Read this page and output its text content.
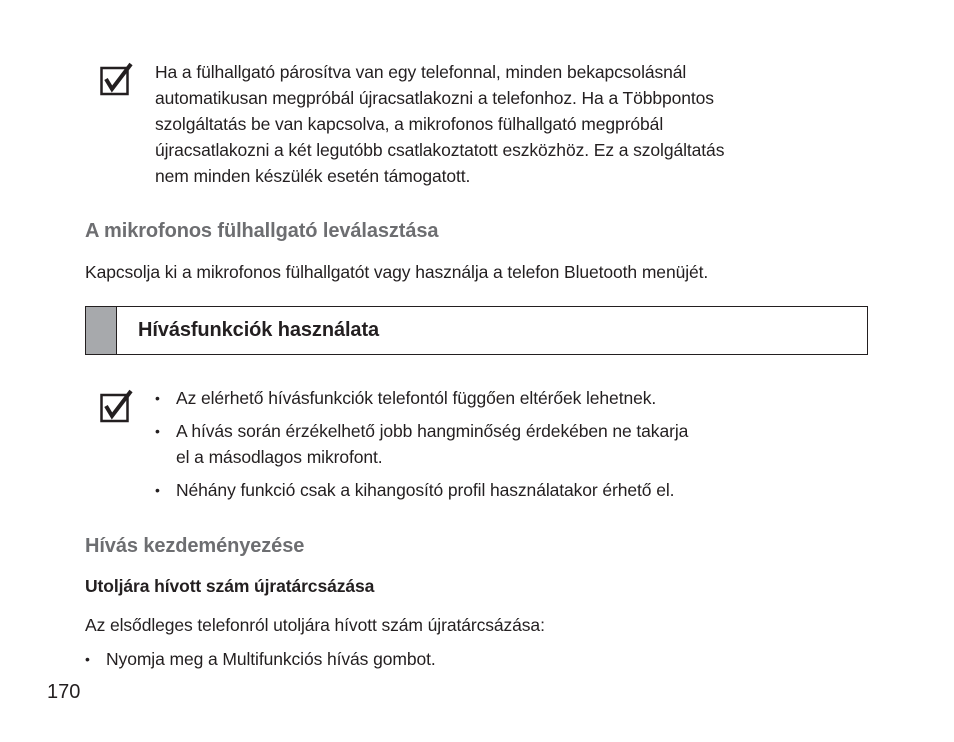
Ha a fülhallgató párosítva van egy telefonnal, minden bekapcsolásnál
automatikusan megpróbál újracsatlakozni a telefonhoz. Ha a Többpontos
szolgáltatás be van kapcsolva, a mikrofonos fülhallgató megpróbál
újracsatlakozni a két legutóbb csatlakoztatott eszközhöz. Ez a szolgáltatás
nem minden készülék esetén támogatott.
A mikrofonos fülhallgató leválasztása
Kapcsolja ki a mikrofonos fülhallgatót vagy használja a telefon Bluetooth menüjét.
Hívásfunkciók használata
• Az elérhető hívásfunkciók telefontól függően eltérőek lehetnek.
• A hívás során érzékelhető jobb hangminőség érdekében ne takarja
el a másodlagos mikrofont.
• Néhány funkció csak a kihangosító profil használatakor érhető el.
Hívás kezdeményezése
Utoljára hívott szám újratárcsázása
Az elsődleges telefonról utoljára hívott szám újratárcsázása:
• Nyomja meg a Multifunkciós hívás gombot.
170
